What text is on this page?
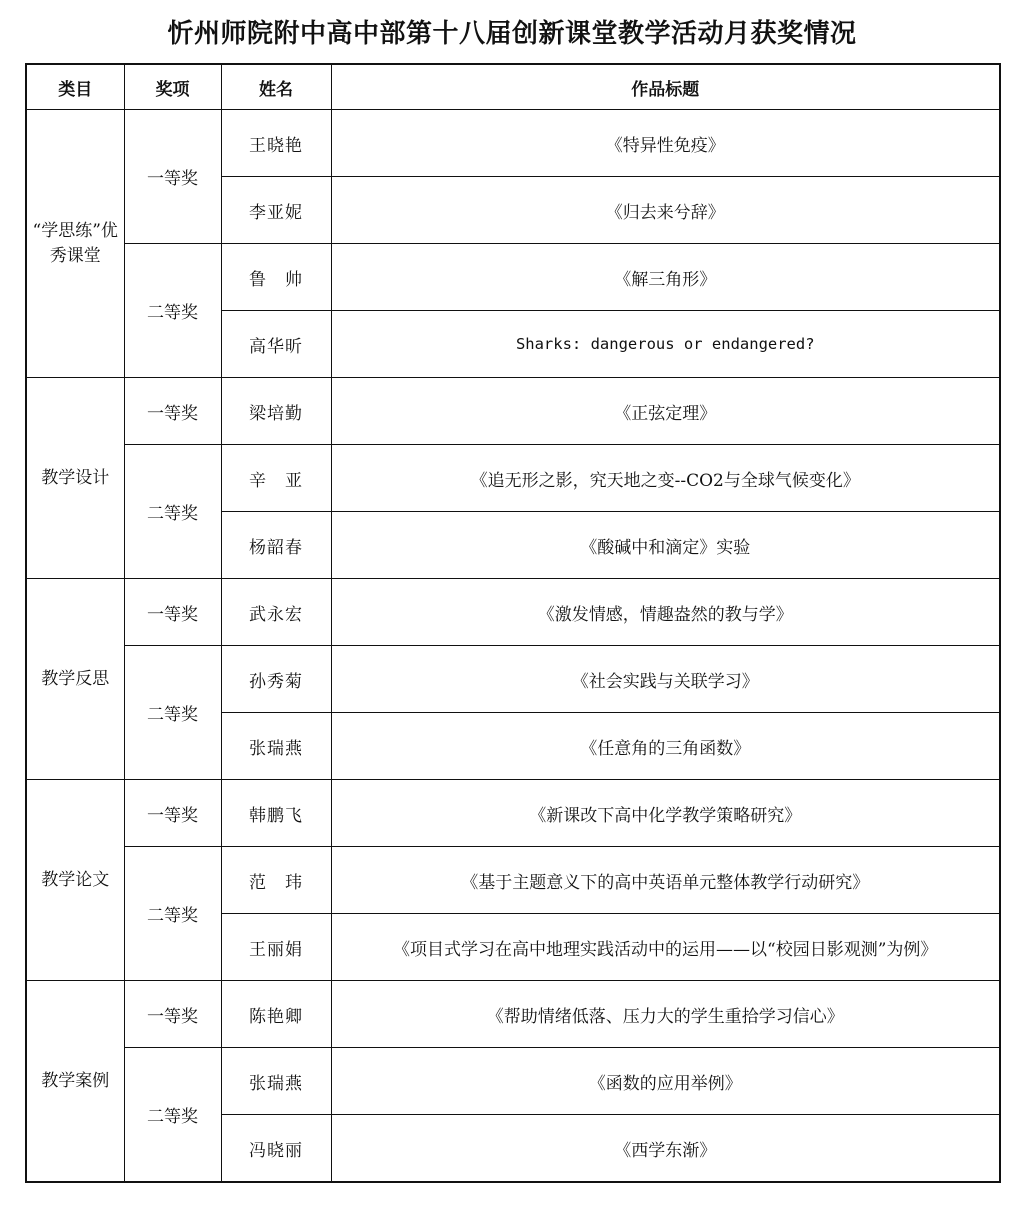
忻州师院附中高中部第十八届创新课堂教学活动月获奖情况
类目	奖项	姓名	作品标题
“学思练”优秀课堂	一等奖	王晓艳	《特异性免疫》
		李亚妮	《归去来兮辞》
	二等奖	鲁　帅	《解三角形》
		高华昕	Sharks: dangerous or endangered?
教学设计	一等奖	梁培勤	《正弦定理》
	二等奖	辛　亚	《追无形之影，究天地之变--CO2与全球气候变化》
		杨韶春	《酸碱中和滴定》实验
教学反思	一等奖	武永宏	《激发情感，情趣盎然的教与学》
	二等奖	孙秀菊	《社会实践与关联学习》
		张瑞燕	《任意角的三角函数》
教学论文	一等奖	韩鹏飞	《新课改下高中化学教学策略研究》
	二等奖	范　玮	《基于主题意义下的高中英语单元整体教学行动研究》
		王丽娟	《项目式学习在高中地理实践活动中的运用——以“校园日影观测”为例》
教学案例	一等奖	陈艳卿	《帮助情绪低落、压力大的学生重拾学习信心》
	二等奖	张瑞燕	《函数的应用举例》
		冯晓丽	《西学东渐》
